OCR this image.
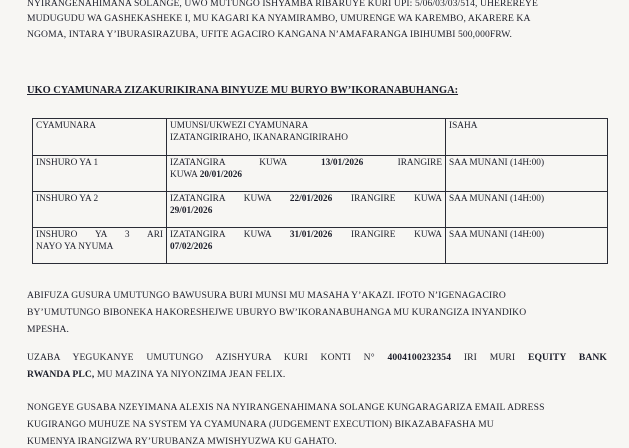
NYIRANGENAHIMANA SOLANGE, UWO MUTUNGO ISHYAMBA RIBARUYE KURI UPI: 5/06/03/03/514, UHEREREYE
MUDUGUDU WA GASHEKASHEKE I, MU KAGARI KA NYAMIRAMBO, UMURENGE WA KAREMBO, AKARERE KA
NGOMA, INTARA Y’IBURASIRAZUBA, UFITE AGACIRO KANGANA N’AMAFARANGA IBIHUMBI 500,000FRW.
UKO CYAMUNARA ZIZAKURIKIRANA BINYUZE MU BURYO BW’IKORANABUHANGA:
CYAMUNARA	UMUNSI/UKWEZI CYAMUNARA
IZATANGIRIRAHO, IKANARANGIRIRAHO	ISAHA

INSHURO YA 1	IZATANGIRA KUWA 13/01/2026 IRANGIRE
KUWA 20/01/2026	SAA MUNANI (14H:00)

INSHURO YA 2	IZATANGIRA KUWA 22/01/2026 IRANGIRE KUWA
29/01/2026	SAA MUNANI (14H:00)

INSHURO YA 3 ARI
NAYO YA NYUMA	IZATANGIRA KUWA 31/01/2026 IRANGIRE KUWA
07/02/2026	SAA MUNANI (14H:00)
ABIFUZA GUSURA UMUTUNGO BAWUSURA BURI MUNSI MU MASAHA Y’AKAZI. IFOTO N’IGENAGACIRO
BY’UMUTUNGO BIBONEKA HAKORESHEJWE UBURYO BW’IKORANABUHANGA MU KURANGIZA INYANDIKO
MPESHA.
UZABA YEGUKANYE UMUTUNGO AZISHYURA KURI KONTI N° 4004100232354 IRI MURI EQUITY BANK
RWANDA PLC, MU MAZINA YA NIYONZIMA JEAN FELIX.
NONGEYE GUSABA NZEYIMANA ALEXIS NA NYIRANGENAHIMANA SOLANGE KUNGARAGARIZA EMAIL ADRESS
KUGIRANGO MUHUZE NA SYSTEM YA CYAMUNARA (JUDGEMENT EXECUTION) BIKAZABAFASHA MU
KUMENYA IRANGIZWA RY’URUBANZA MWISHYUZWA KU GAHATO.
